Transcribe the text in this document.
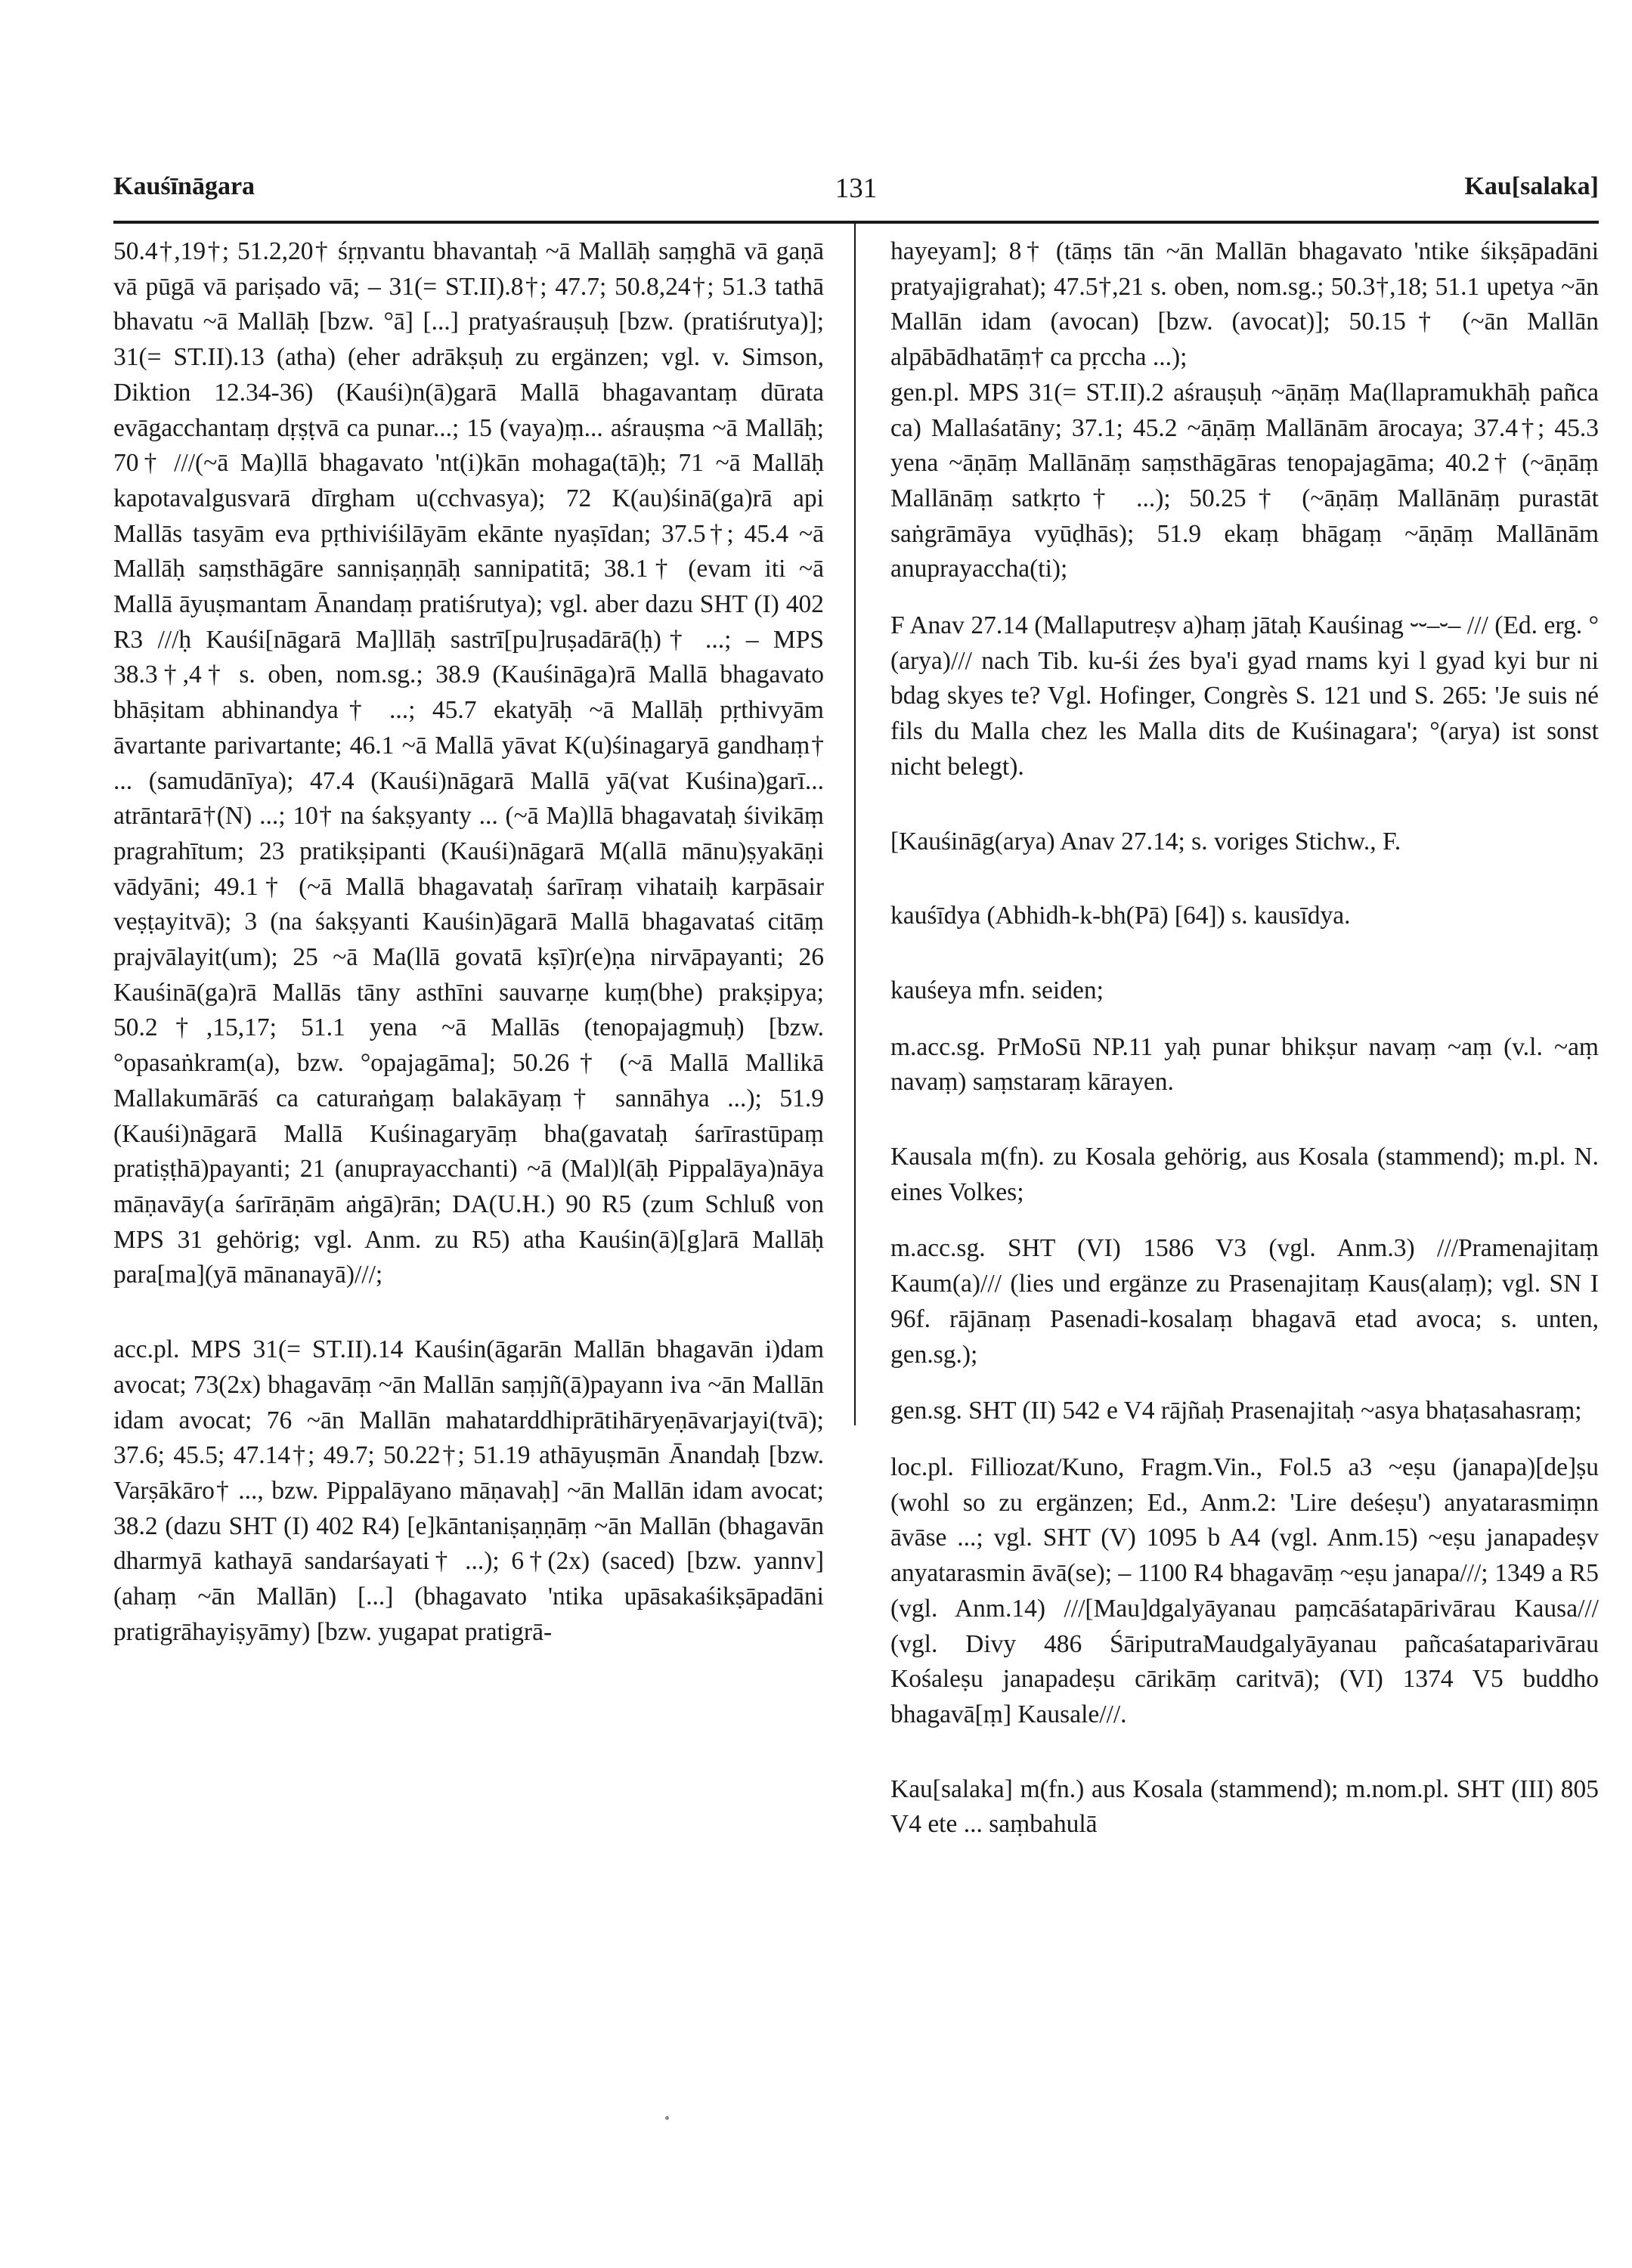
Kauśīnāgara	131	Kau[salaka]

50.4†,19†; 51.2,20† śṛṇvantu bhavantaḥ ~ā Mallāḥ saṃghā vā gaṇā vā pūgā vā pariṣado vā; – 31(= ST.II).8†; 47.7; 50.8,24†; 51.3 tathā bhavatu ~ā Mallāḥ [bzw. °ā] [...] pratyaśrauṣuḥ [bzw. (pratiśrutya)]; 31(= ST.II).13 (atha) (eher adrākṣuḥ zu ergänzen; vgl. v. Simson, Diktion 12.34-36) (Kauśi)n(ā)garā Mallā bhagavantaṃ dūrata evāgacchantaṃ dṛṣṭvā ca punar...; 15 (vaya)ṃ... aśrauṣma ~ā Mallāḥ; 70† ///(~ā Ma)llā bhagavato 'nt(i)kān mohaga(tā)ḥ; 71 ~ā Mallāḥ kapotavalgusvarā dīrgham u(cchvasya); 72 K(au)śinā(ga)rā api Mallās tasyām eva pṛthiviśilāyām ekānte nyaṣīdan; 37.5†; 45.4 ~ā Mallāḥ saṃsthāgāre sanniṣaṇṇāḥ sannipatitā; 38.1† (evam iti ~ā Mallā āyuṣmantam Ānandaṃ pratiśrutya); vgl. aber dazu SHT (I) 402 R3 ///ḥ Kauśi[nāgarā Ma]llāḥ sastrī[pu]ruṣadārā(ḥ)† ...; – MPS 38.3†,4† s. oben, nom.sg.; 38.9 (Kauśināga)rā Mallā bhagavato bhāṣitam abhinandya† ...; 45.7 ekatyāḥ ~ā Mallāḥ pṛthivyām āvartante parivartante; 46.1 ~ā Mallā yāvat K(u)śinagaryā gandhaṃ† ... (samudānīya); 47.4 (Kauśi)nāgarā Mallā yā(vat Kuśina)garī... atrāntarā†(N) ...; 10† na śakṣyanty ... (~ā Ma)llā bhagavataḥ śivikāṃ pragrahītum; 23 pratikṣipanti (Kauśi)nāgarā M(allā mānu)ṣyakāṇi vādyāni; 49.1† (~ā Mallā bhagavataḥ śarīraṃ vihataiḥ karpāsair veṣṭayitvā); 3 (na śakṣyanti Kauśin)āgarā Mallā bhagavataś citāṃ prajvālayit(um); 25 ~ā Ma(llā govatā kṣī)r(e)ṇa nirvāpayanti; 26 Kauśinā(ga)rā Mallās tāny asthīni sauvarṇe kuṃ(bhe) prakṣipya; 50.2†,15,17; 51.1 yena ~ā Mallās (tenopajagmuḥ) [bzw. °opasaṅkram(a), bzw. °opajagāma]; 50.26† (~ā Mallā Mallikā Mallakumārāś ca caturaṅgaṃ balakāyaṃ† sannāhya ...); 51.9 (Kauśi)nāgarā Mallā Kuśinagaryāṃ bha(gavataḥ śarīrastūpaṃ pratiṣṭhā)payanti; 21 (anuprayacchanti) ~ā (Mal)l(āḥ Pippalāya)nāya māṇavāy(a śarīrāṇām aṅgā)rān; DA(U.H.) 90 R5 (zum Schluß von MPS 31 gehörig; vgl. Anm. zu R5) atha Kauśin(ā)[g]arā Mallāḥ para[ma](yā mānanayā)///;

acc.pl. MPS 31(= ST.II).14 Kauśin(āgarān Mallān bhagavān i)dam avocat; 73(2x) bhagavāṃ ~ān Mallān saṃjñ(ā)payann iva ~ān Mallān idam avocat; 76 ~ān Mallān mahatarddhiprātihāryeṇāvarjayi(tvā); 37.6; 45.5; 47.14†; 49.7; 50.22†; 51.19 athāyuṣmān Ānandaḥ [bzw. Varṣākāro† ..., bzw. Pippalāyano māṇavaḥ] ~ān Mallān idam avocat; 38.2 (dazu SHT (I) 402 R4) [e]kāntaniṣaṇṇāṃ ~ān Mallān (bhagavān dharmyā kathayā sandarśayati† ...); 6†(2x) (saced) [bzw. yannv] (ahaṃ ~ān Mallān) [...] (bhagavato 'ntika upāsakaśikṣāpadāni pratigrāhayiṣyāmy) [bzw. yugapat pratigrā-

hayeyam]; 8† (tāṃs tān ~ān Mallān bhagavato 'ntike śikṣāpadāni pratyajigrahat); 47.5†,21 s. oben, nom.sg.; 50.3†,18; 51.1 upetya ~ān Mallān idam (avocan) [bzw. (avocat)]; 50.15† (~ān Mallān alpābādhatāṃ† ca pṛccha ...);

gen.pl. MPS 31(= ST.II).2 aśrauṣuḥ ~āṇāṃ Ma(llapramukhāḥ pañca ca) Mallaśatāny; 37.1; 45.2 ~āṇāṃ Mallānām ārocaya; 37.4†; 45.3 yena ~āṇāṃ Mallānāṃ saṃsthāgāras tenopajagāma; 40.2† (~āṇāṃ Mallānāṃ satkṛto† ...); 50.25† (~āṇāṃ Mallānāṃ purastāt saṅgrāmāya vyūḍhās); 51.9 ekaṃ bhāgaṃ ~āṇāṃ Mallānām anuprayaccha(ti);

F Anav 27.14 (Mallaputreṣv a)haṃ jātaḥ Kauśinag ⏑⏑–⏑– /// (Ed. erg. °(arya)/// nach Tib. ku-śi źes bya'i gyad rnams kyi l gyad kyi bur ni bdag skyes te? Vgl. Hofinger, Congrès S. 121 und S. 265: 'Je suis né fils du Malla chez les Malla dits de Kuśinagara'; °(arya) ist sonst nicht belegt).

[Kauśināg(arya) Anav 27.14; s. voriges Stichw., F.

kauśīdya (Abhidh-k-bh(Pā) [64]) s. kausīdya.

kauśeya mfn. seiden;

m.acc.sg. PrMoSū NP.11 yaḥ punar bhikṣur navaṃ ~aṃ (v.l. ~aṃ navaṃ) saṃstaraṃ kārayen.

Kausala m(fn). zu Kosala gehörig, aus Kosala (stammend); m.pl. N. eines Volkes;

m.acc.sg. SHT (VI) 1586 V3 (vgl. Anm.3) ///Pramenajitaṃ Kaum(a)/// (lies und ergänze zu Prasenajitaṃ Kaus(alaṃ); vgl. SN I 96f. rājānaṃ Pasenadi-kosalaṃ bhagavā etad avoca; s. unten, gen.sg.);

gen.sg. SHT (II) 542 e V4 rājñaḥ Prasenajitaḥ ~asya bhaṭasahasraṃ;

loc.pl. Filliozat/Kuno, Fragm.Vin., Fol.5 a3 ~eṣu (janapa)[de]ṣu (wohl so zu ergänzen; Ed., Anm.2: 'Lire deśeṣu') anyatarasmiṃn āvāse ...; vgl. SHT (V) 1095 b A4 (vgl. Anm.15) ~eṣu janapadeṣv anyatarasmin āvā(se); – 1100 R4 bhagavāṃ ~eṣu janapa///; 1349 a R5 (vgl. Anm.14) ///[Mau]dgalyāyanau paṃcāśatapārivārau Kausa/// (vgl. Divy 486 ŚāriputraMaudgalyāyanau pañcaśataparivārau Kośaleṣu janapadeṣu cārikāṃ caritvā); (VI) 1374 V5 buddho bhagavā[ṃ] Kausale///.

Kau[salaka] m(fn.) aus Kosala (stammend); m.nom.pl. SHT (III) 805 V4 ete ... saṃbahulā
